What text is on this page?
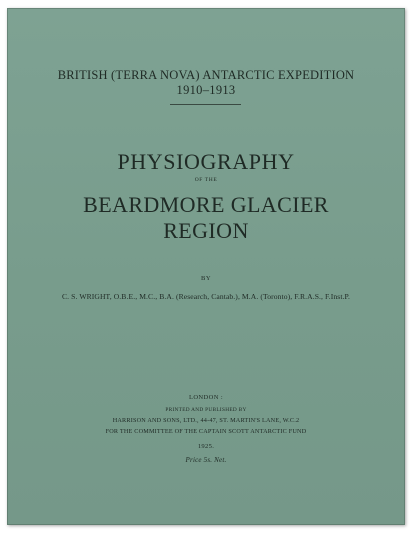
BRITISH (TERRA NOVA) ANTARCTIC EXPEDITION
1910–1913
PHYSIOGRAPHY
OF THE
BEARDMORE GLACIER
REGION
BY
C. S. WRIGHT, O.B.E., M.C., B.A. (Research, Cantab.), M.A. (Toronto), F.R.A.S., F.Inst.P.
LONDON :
PRINTED AND PUBLISHED BY
HARRISON AND SONS, LTD., 44-47, ST. MARTIN'S LANE, W.C.2
FOR THE COMMITTEE OF THE CAPTAIN SCOTT ANTARCTIC FUND
1925.
Price 5s. Net.
